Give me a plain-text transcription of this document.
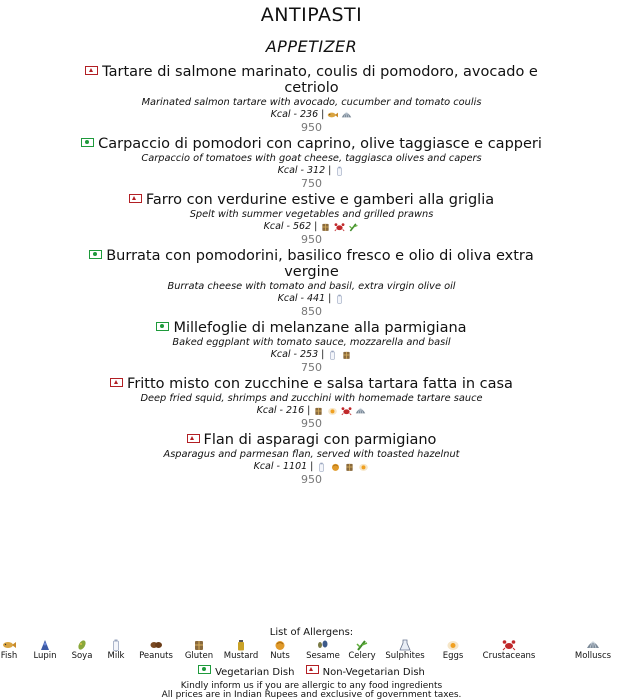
ANTIPASTI
APPETIZER
Tartare di salmone marinato, coulis di pomodoro, avocado e cetriolo
Marinated salmon tartare with avocado, cucumber and tomato coulis
Kcal - 236 |
950
Carpaccio di pomodori con caprino, olive taggiasce e capperi
Carpaccio of tomatoes with goat cheese, taggiasca olives and capers
Kcal - 312 |
750
Farro con verdurine estive e gamberi alla griglia
Spelt with summer vegetables and grilled prawns
Kcal - 562 |
950
Burrata con pomodorini, basilico fresco e olio di oliva extra vergine
Burrata cheese with tomato and basil, extra virgin olive oil
Kcal - 441 |
850
Millefoglie di melanzane alla parmigiana
Baked eggplant with tomato sauce, mozzarella and basil
Kcal - 253 |
750
Fritto misto con zucchine e salsa tartara fatta in casa
Deep fried squid, shrimps and zucchini with homemade tartare sauce
Kcal - 216 |
950
Flan di asparagi con parmigiano
Asparagus and parmesan flan, served with toasted hazelnut
Kcal - 1101 |
950
List of Allergens:
Fish	Lupin	Soya	Milk	Peanuts	Gluten	Mustard	Nuts	Sesame Celery	Sulphites	Eggs	Crustaceans	Molluscs
Vegetarian Dish	Non-Vegetarian Dish
Kindly inform us if you are allergic to any food ingredients
All prices are in Indian Rupees and exclusive of government taxes.
